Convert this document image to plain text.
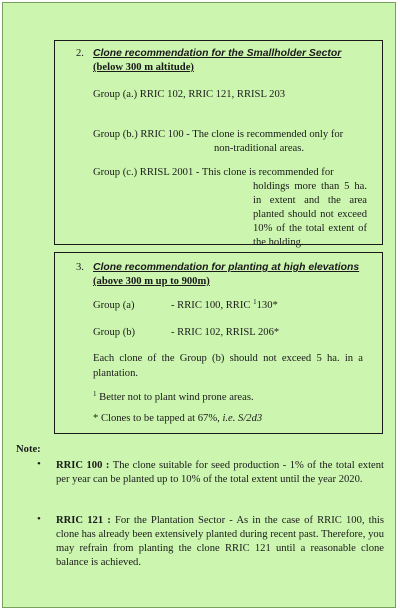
2. Clone recommendation for the Smallholder Sector
(below 300 m altitude)
Group (a.) RRIC 102, RRIC 121, RRISL 203
Group (b.) RRIC 100 - The clone is recommended only for
non-traditional areas.
Group (c.) RRISL 2001 - This clone is recommended for
holdings more than 5 ha. in extent and the area planted should not exceed 10% of the total extent of the holding.
3. Clone recommendation for planting at high elevations
(above 300 m up to 900m)
Group (a)	- RRIC 100, RRIC $^1$130*
Group (b)	- RRIC 102, RRISL 206*
Each clone of the Group (b) should not exceed 5 ha. in a plantation.
$^1$ Better not to plant wind prone areas.
* Clones to be tapped at 67%, i.e. S/2d3
Note:
• RRIC 100 : The clone suitable for seed production - 1% of the total extent per year can be planted up to 10% of the total extent until the year 2020.
• RRIC 121 : For the Plantation Sector - As in the case of RRIC 100, this clone has already been extensively planted during recent past. Therefore, you may refrain from planting the clone RRIC 121 until a reasonable clone balance is achieved.
